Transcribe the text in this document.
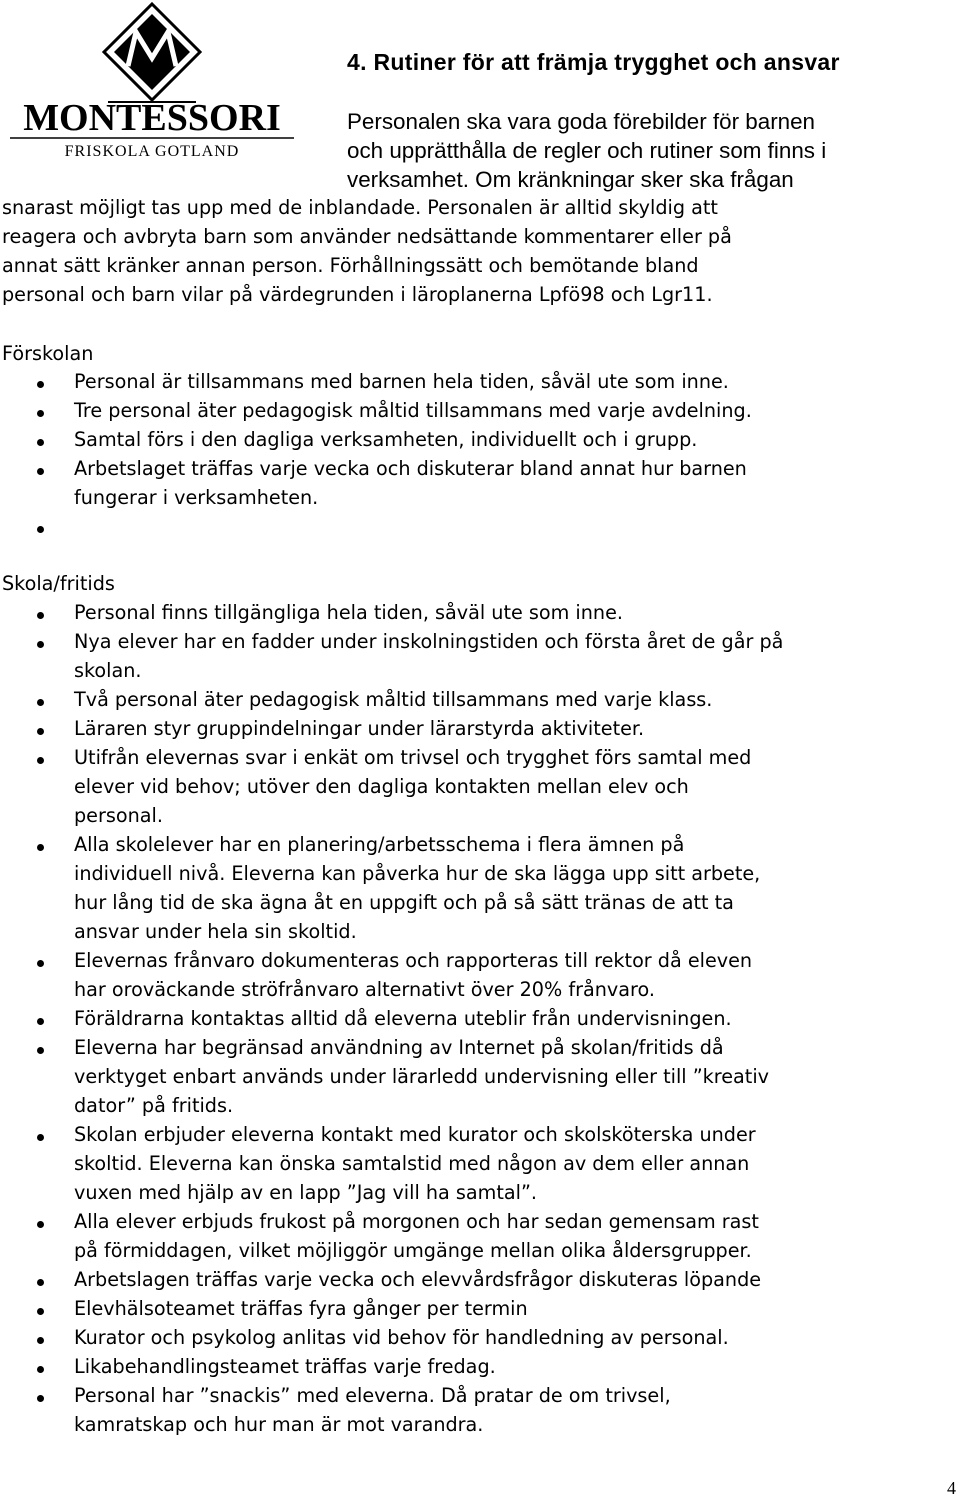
MONTESSORI
FRISKOLA GOTLAND
4. Rutiner för att främja trygghet och ansvar
Personalen ska vara goda förebilder för barnen
och upprätthålla de regler och rutiner som finns i
verksamhet. Om kränkningar sker ska frågan
snarast möjligt tas upp med de inblandade. Personalen är alltid skyldig att
reagera och avbryta barn som använder nedsättande kommentarer eller på
annat sätt kränker annan person. Förhållningssätt och bemötande bland
personal och barn vilar på värdegrunden i läroplanerna Lpfö98 och Lgr11.
Förskolan
Personal är tillsammans med barnen hela tiden, såväl ute som inne.
Tre personal äter pedagogisk måltid tillsammans med varje avdelning.
Samtal förs i den dagliga verksamheten, individuellt och i grupp.
Arbetslaget träffas varje vecka och diskuterar bland annat hur barnen
fungerar i verksamheten.
Skola/fritids
Personal finns tillgängliga hela tiden, såväl ute som inne.
Nya elever har en fadder under inskolningstiden och första året de går på
skolan.
Två personal äter pedagogisk måltid tillsammans med varje klass.
Läraren styr gruppindelningar under lärarstyrda aktiviteter.
Utifrån elevernas svar i enkät om trivsel och trygghet förs samtal med
elever vid behov; utöver den dagliga kontakten mellan elev och
personal.
Alla skolelever har en planering/arbetsschema i flera ämnen på
individuell nivå. Eleverna kan påverka hur de ska lägga upp sitt arbete,
hur lång tid de ska ägna åt en uppgift och på så sätt tränas de att ta
ansvar under hela sin skoltid.
Elevernas frånvaro dokumenteras och rapporteras till rektor då eleven
har oroväckande ströfrånvaro alternativt över 20% frånvaro.
Föräldrarna kontaktas alltid då eleverna uteblir från undervisningen.
Eleverna har begränsad användning av Internet på skolan/fritids då
verktyget enbart används under lärarledd undervisning eller till ”kreativ
dator” på fritids.
Skolan erbjuder eleverna kontakt med kurator och skolsköterska under
skoltid. Eleverna kan önska samtalstid med någon av dem eller annan
vuxen med hjälp av en lapp ”Jag vill ha samtal”.
Alla elever erbjuds frukost på morgonen och har sedan gemensam rast
på förmiddagen, vilket möjliggör umgänge mellan olika åldersgrupper.
Arbetslagen träffas varje vecka och elevvårdsfrågor diskuteras löpande
Elevhälsoteamet träffas fyra gånger per termin
Kurator och psykolog anlitas vid behov för handledning av personal.
Likabehandlingsteamet träffas varje fredag.
Personal har ”snackis” med eleverna. Då pratar de om trivsel,
kamratskap och hur man är mot varandra.
4
